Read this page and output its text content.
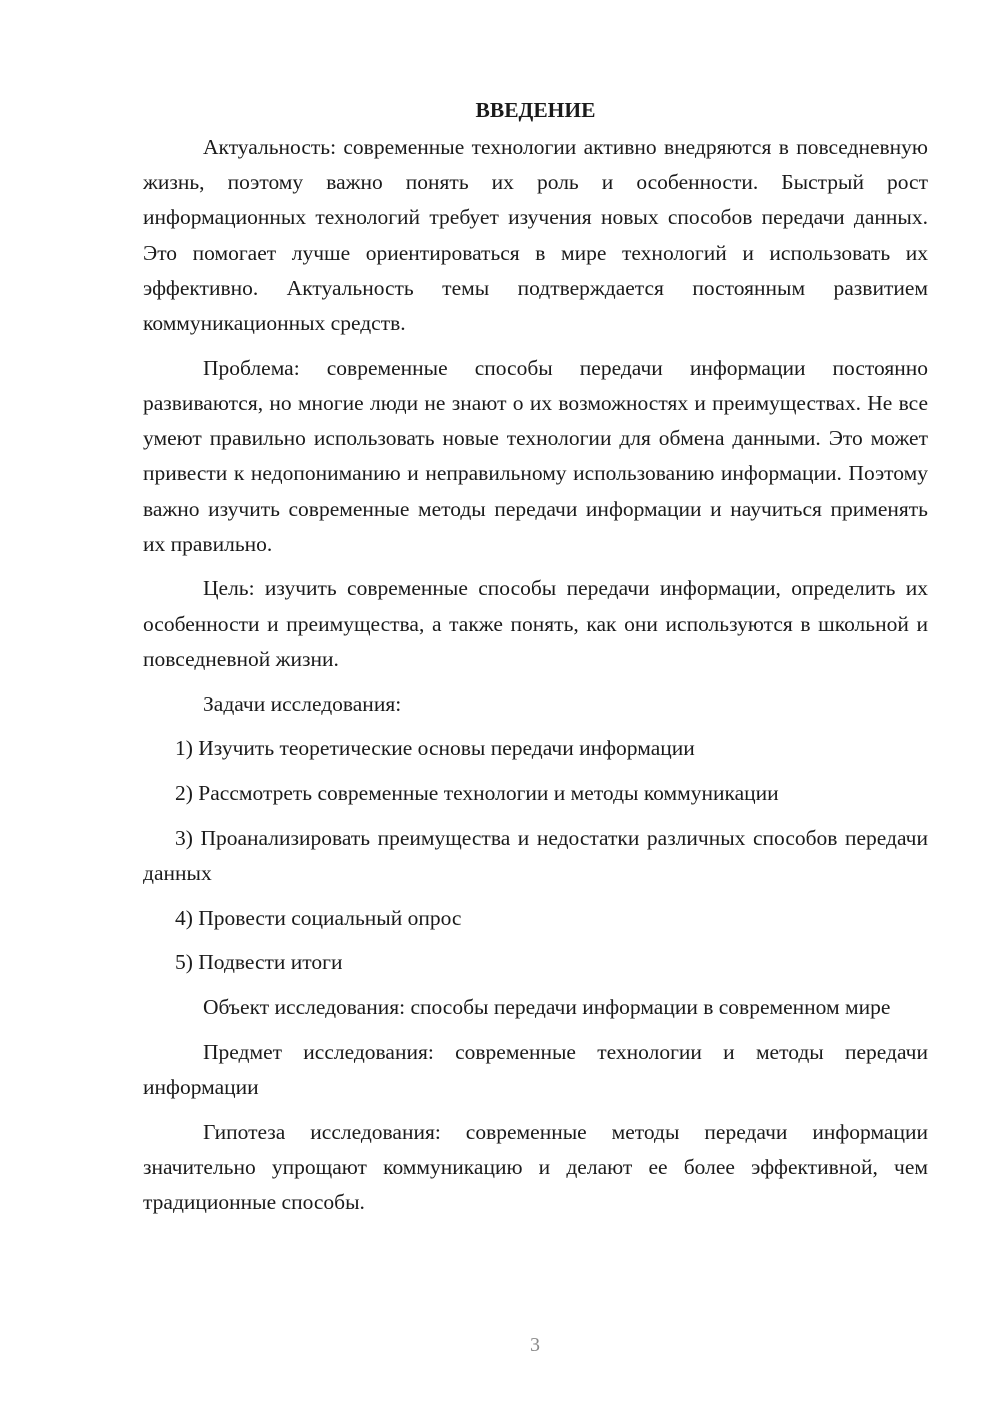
ВВЕДЕНИЕ

Актуальность: современные технологии активно внедряются в повседневную жизнь, поэтому важно понять их роль и особенности. Быстрый рост информационных технологий требует изучения новых способов передачи данных. Это помогает лучше ориентироваться в мире технологий и использовать их эффективно. Актуальность темы подтверждается постоянным развитием коммуникационных средств.

Проблема: современные способы передачи информации постоянно развиваются, но многие люди не знают о их возможностях и преимуществах. Не все умеют правильно использовать новые технологии для обмена данными. Это может привести к недопониманию и неправильному использованию информации. Поэтому важно изучить современные методы передачи информации и научиться применять их правильно.

Цель: изучить современные способы передачи информации, определить их особенности и преимущества, а также понять, как они используются в школьной и повседневной жизни.

Задачи исследования:

1) Изучить теоретические основы передачи информации

2) Рассмотреть современные технологии и методы коммуникации

3) Проанализировать преимущества и недостатки различных способов передачи данных

4) Провести социальный опрос

5) Подвести итоги

Объект исследования: способы передачи информации в современном мире

Предмет исследования: современные технологии и методы передачи информации

Гипотеза исследования: современные методы передачи информации значительно упрощают коммуникацию и делают ее более эффективной, чем традиционные способы.

3
